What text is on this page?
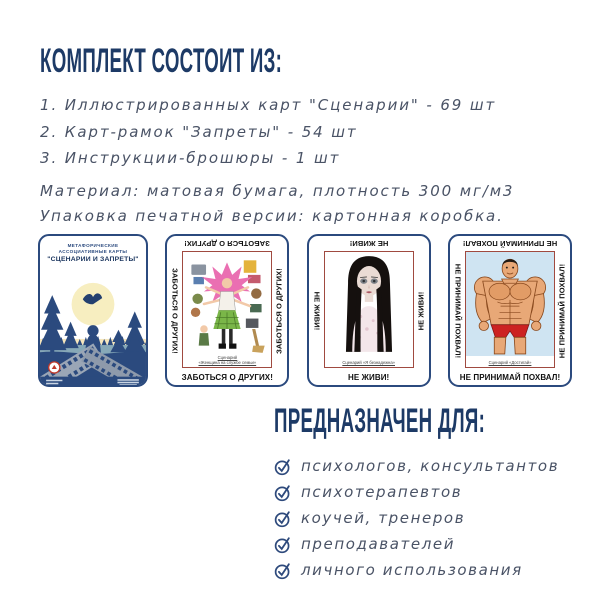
КОМПЛЕКТ СОСТОИТ ИЗ:
1. Иллюстрированных карт "Сценарии" - 69 шт
2. Карт-рамок "Запреты" - 54 шт
3. Инструкции-брошюры - 1 шт
Материал: матовая бумага, плотность 300 мг/м3
Упаковка печатной версии: картонная коробка.
МЕТАФОРИЧЕСКИЕ
АССОЦИАТИВНЫЕ КАРТЫ
"СЦЕНАРИИ И ЗАПРЕТЫ"
ЗАБОТЬСЯ О ДРУГИХ!
ЗАБОТЬСЯ О ДРУГИХ!	ЗАБОТЬСЯ О ДРУГИХ!
ЗАБОТЬСЯ О ДРУГИХ!
Сценарий
«Женщина на службе семьи»
НЕ ЖИВИ!
НЕ ЖИВИ!	НЕ ЖИВИ!
НЕ ЖИВИ!
Сценарий «Я безнадежна»
НЕ ПРИНИМАЙ ПОХВАЛ!
НЕ ПРИНИМАЙ ПОХВАЛ!	НЕ ПРИНИМАЙ ПОХВАЛ!
НЕ ПРИНИМАЙ ПОХВАЛ!
Сценарий «Достигай»
ПРЕДНАЗНАЧЕН ДЛЯ:
психологов, консультантов
психотерапевтов
коучей, тренеров
преподавателей
личного использования
